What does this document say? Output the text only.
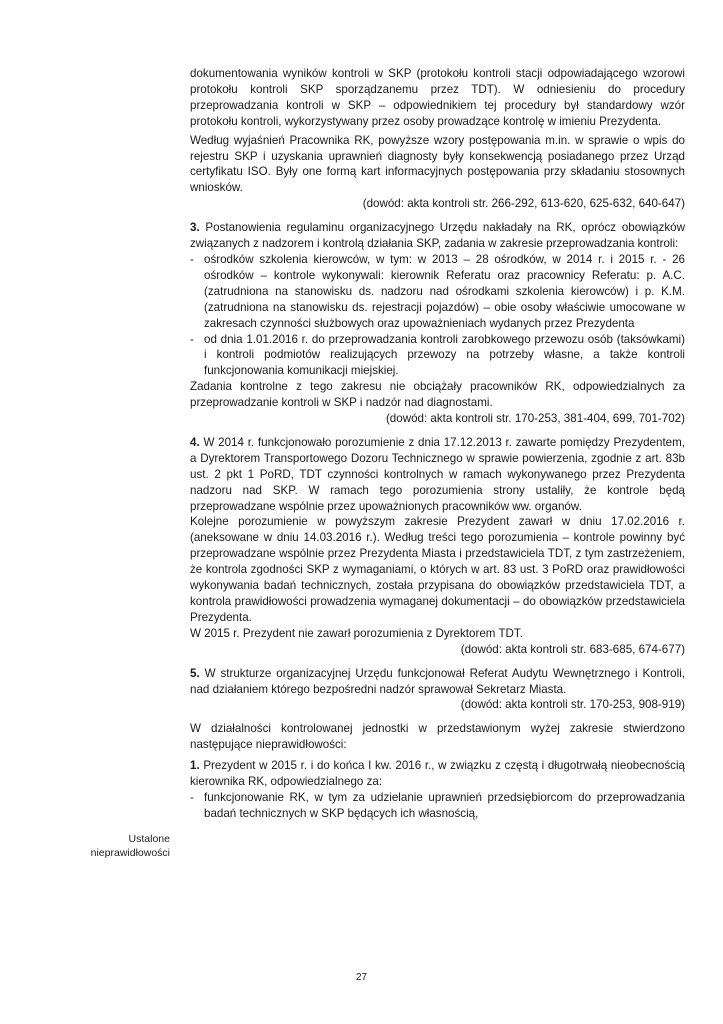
dokumentowania wyników kontroli w SKP (protokołu kontroli stacji odpowiadającego wzorowi protokołu kontroli SKP sporządzanemu przez TDT). W odniesieniu do procedury przeprowadzania kontroli w SKP – odpowiednikiem tej procedury był standardowy wzór protokołu kontroli, wykorzystywany przez osoby prowadzące kontrolę w imieniu Prezydenta.

Według wyjaśnień Pracownika RK, powyższe wzory postępowania m.in. w sprawie o wpis do rejestru SKP i uzyskania uprawnień diagnosty były konsekwencją posiadanego przez Urząd certyfikatu ISO. Były one formą kart informacyjnych postępowania przy składaniu stosownych wniosków.

(dowód: akta kontroli str. 266-292, 613-620, 625-632, 640-647)

3. Postanowienia regulaminu organizacyjnego Urzędu nakładały na RK, oprócz obowiązków związanych z nadzorem i kontrolą działania SKP, zadania w zakresie przeprowadzania kontroli:

- ośrodków szkolenia kierowców, w tym: w 2013 – 28 ośrodków, w 2014 r. i 2015 r. - 26 ośrodków – kontrole wykonywali: kierownik Referatu oraz pracownicy Referatu: p. A.C. (zatrudniona na stanowisku ds. nadzoru nad ośrodkami szkolenia kierowców) i p. K.M. (zatrudniona na stanowisku ds. rejestracji pojazdów) – obie osoby właściwie umocowane w zakresach czynności służbowych oraz upoważnieniach wydanych przez Prezydenta
- od dnia 1.01.2016 r. do przeprowadzania kontroli zarobkowego przewozu osób (taksówkami) i kontroli podmiotów realizujących przewozy na potrzeby własne, a także kontroli funkcjonowania komunikacji miejskiej.

Zadania kontrolne z tego zakresu nie obciążały pracowników RK, odpowiedzialnych za przeprowadzanie kontroli w SKP i nadzór nad diagnostami.

(dowód: akta kontroli str. 170-253, 381-404, 699, 701-702)

4. W 2014 r. funkcjonowało porozumienie z dnia 17.12.2013 r. zawarte pomiędzy Prezydentem, a Dyrektorem Transportowego Dozoru Technicznego w sprawie powierzenia, zgodnie z art. 83b ust. 2 pkt 1 PoRD, TDT czynności kontrolnych w ramach wykonywanego przez Prezydenta nadzoru nad SKP. W ramach tego porozumienia strony ustaliły, że kontrole będą przeprowadzane wspólnie przez upoważnionych pracowników ww. organów.

Kolejne porozumienie w powyższym zakresie Prezydent zawarł w dniu 17.02.2016 r. (aneksowane w dniu 14.03.2016 r.). Według treści tego porozumienia – kontrole powinny być przeprowadzane wspólnie przez Prezydenta Miasta i przedstawiciela TDT, z tym zastrzeżeniem, że kontrola zgodności SKP z wymaganiami, o których w art. 83 ust. 3 PoRD oraz prawidłowości wykonywania badań technicznych, została przypisana do obowiązków przedstawiciela TDT, a kontrola prawidłowości prowadzenia wymaganej dokumentacji – do obowiązków przedstawiciela Prezydenta.

W 2015 r. Prezydent nie zawarł porozumienia z Dyrektorem TDT.

(dowód: akta kontroli str. 683-685, 674-677)

5. W strukturze organizacyjnej Urzędu funkcjonował Referat Audytu Wewnętrznego i Kontroli, nad działaniem którego bezpośredni nadzór sprawował Sekretarz Miasta.

(dowód: akta kontroli str. 170-253, 908-919)

W działalności kontrolowanej jednostki w przedstawionym wyżej zakresie stwierdzono następujące nieprawidłowości:

1. Prezydent w 2015 r. i do końca I kw. 2016 r., w związku z częstą i długotrwałą nieobecnością kierownika RK, odpowiedzialnego za:

- funkcjonowanie RK, w tym za udzielanie uprawnień przedsiębiorcom do przeprowadzania badań technicznych w SKP będących ich własnością,
Ustalone
nieprawidłowości
27
